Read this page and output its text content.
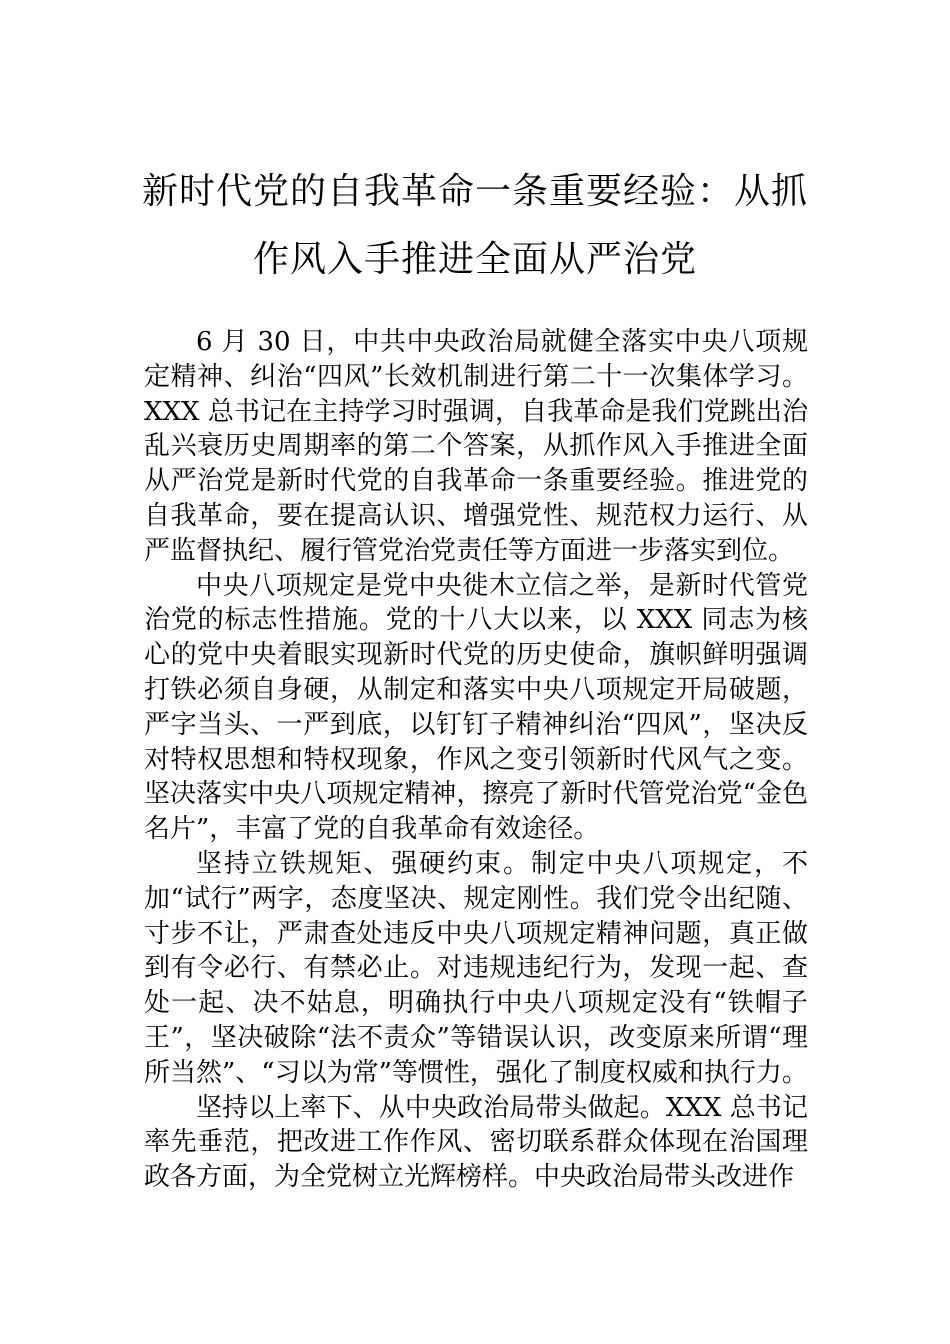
新时代党的自我革命一条重要经验：从抓
作风入手推进全面从严治党

6 月 30 日，中共中央政治局就健全落实中央八项规定精神、纠治“四风”长效机制进行第二十一次集体学习。XXX 总书记在主持学习时强调，自我革命是我们党跳出治乱兴衰历史周期率的第二个答案，从抓作风入手推进全面从严治党是新时代党的自我革命一条重要经验。推进党的自我革命，要在提高认识、增强党性、规范权力运行、从严监督执纪、履行管党治党责任等方面进一步落实到位。

中央八项规定是党中央徙木立信之举，是新时代管党治党的标志性措施。党的十八大以来，以 XXX 同志为核心的党中央着眼实现新时代党的历史使命，旗帜鲜明强调打铁必须自身硬，从制定和落实中央八项规定开局破题，严字当头、一严到底，以钉钉子精神纠治“四风”，坚决反对特权思想和特权现象，作风之变引领新时代风气之变。坚决落实中央八项规定精神，擦亮了新时代管党治党“金色名片”，丰富了党的自我革命有效途径。

坚持立铁规矩、强硬约束。制定中央八项规定，不加“试行”两字，态度坚决、规定刚性。我们党令出纪随、寸步不让，严肃查处违反中央八项规定精神问题，真正做到有令必行、有禁必止。对违规违纪行为，发现一起、查处一起、决不姑息，明确执行中央八项规定没有“铁帽子王”，坚决破除“法不责众”等错误认识，改变原来所谓“理所当然”、“习以为常”等惯性，强化了制度权威和执行力。

坚持以上率下、从中央政治局带头做起。XXX 总书记率先垂范，把改进工作作风、密切联系群众体现在治国理政各方面，为全党树立光辉榜样。中央政治局带头改进作
